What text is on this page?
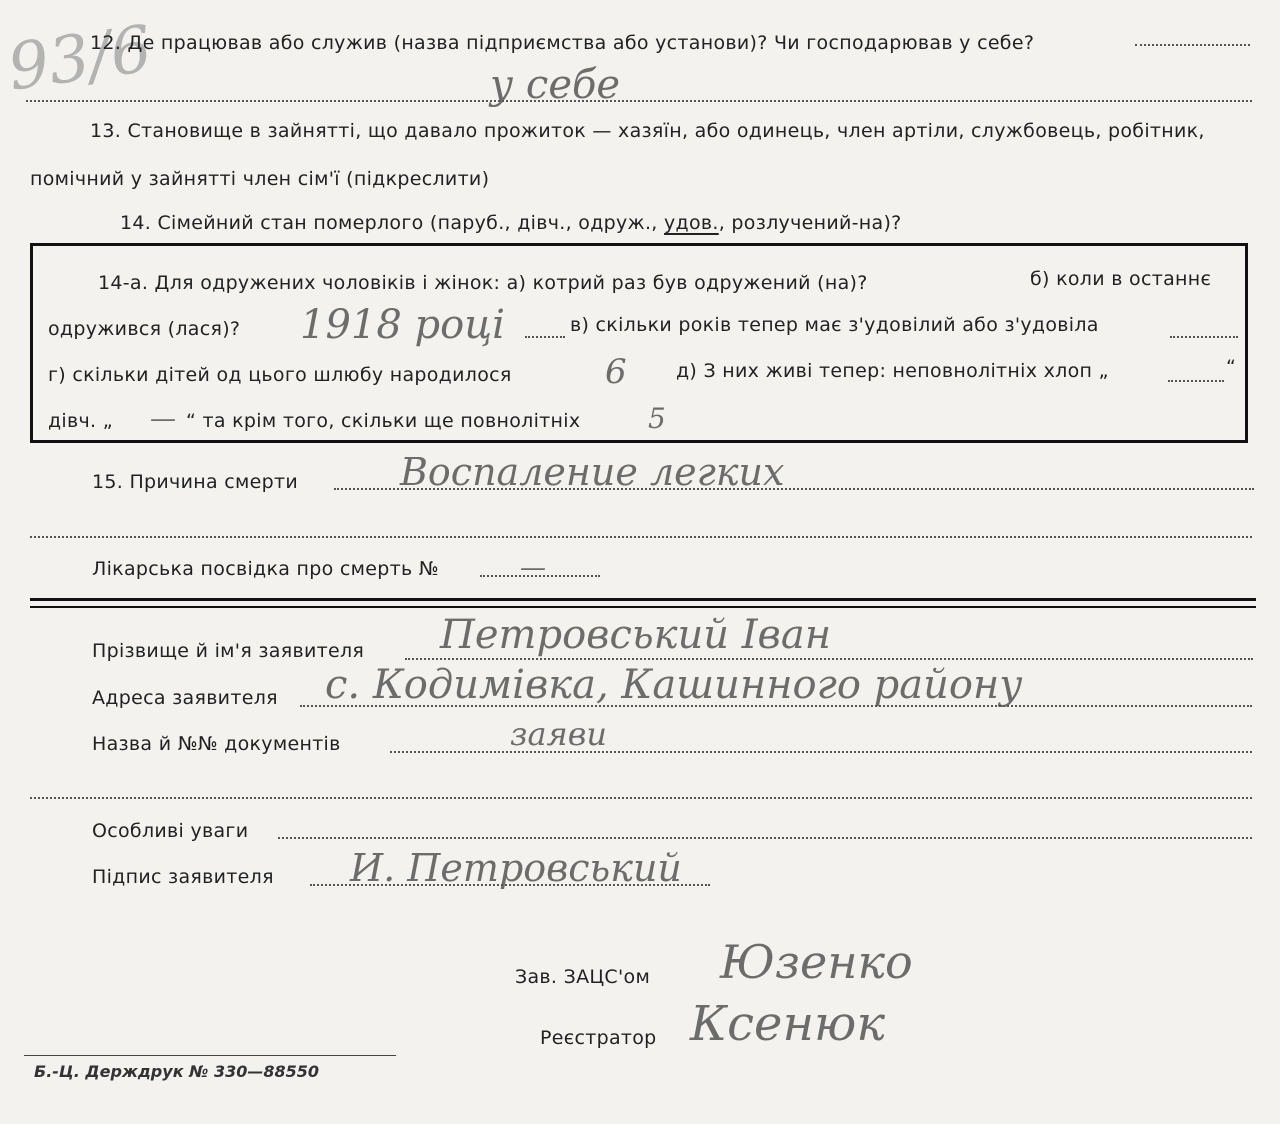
93/6
12. Де працював або служив (назва підприємства або установи)? Чи господарював у себе?
у себе
13. Становище в зайнятті, що давало прожиток — хазяїн, або одинець, член артіли, службовець, робітник,
помічний у зайнятті член сім'ї (підкреслити)
14. Сімейний стан померлого (паруб., дівч., одруж., удов., розлучений-на)?
14-а. Для одружених чоловіків і жінок: а) котрий раз був одружений (на)?	б) коли в останнє
одружився (лася)? 1918 році	в) скільки років тепер має з'удовілий або з'удовіла
г) скільки дітей од цього шлюбу народилося	6	д) З них живі тепер: неповнолітніх хлоп „	“
дівч. „ — “ та крім того, скільки ще повнолітніх 5
15. Причина смерти	Воспаление легких
Лікарська посвідка про смерть №	—
Прізвище й ім'я заявителя Петровський Іван
Адреса заявителя с. Кодимівка, Кашинного району
Назва й №№ документів	заяви
Особливі уваги
Підпис заявителя И. Петровський
Зав. ЗАЦС'ом Юзенко
Реєстратор Ксенюк
Б.-Ц. Держдрук № 330—88550
